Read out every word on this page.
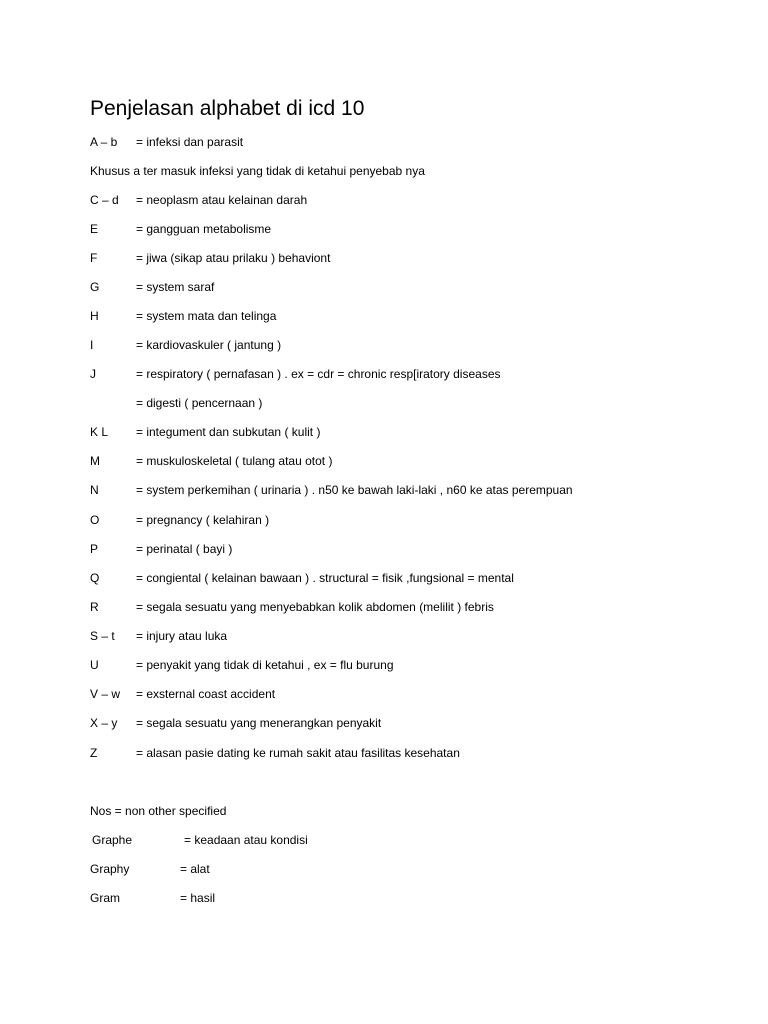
Penjelasan alphabet di icd 10
A – b = infeksi dan parasit
Khusus a ter masuk infeksi yang tidak di ketahui penyebab nya
C – d = neoplasm atau kelainan darah
E	= gangguan metabolisme
F	= jiwa (sikap atau prilaku ) behaviont
G	= system saraf
H	= system mata dan telinga
I	= kardiovaskuler ( jantung )
J	= respiratory ( pernafasan ) . ex = cdr = chronic resp[iratory diseases
= digesti ( pencernaan )
K L = integument dan subkutan ( kulit )
M	= muskuloskeletal ( tulang atau otot )
N	= system perkemihan ( urinaria ) . n50 ke bawah laki-laki , n60 ke atas perempuan
O	= pregnancy ( kelahiran )
P	= perinatal ( bayi )
Q	= congiental ( kelainan bawaan ) . structural = fisik ,fungsional = mental
R	= segala sesuatu yang menyebabkan kolik abdomen (melilit ) febris
S – t = injury atau luka
U	= penyakit yang tidak di ketahui , ex = flu burung
V – w = exsternal coast accident
X – y = segala sesuatu yang menerangkan penyakit
Z	= alasan pasie dating ke rumah sakit atau fasilitas kesehatan
Nos = non other specified
Graphe	= keadaan atau kondisi
Graphy	= alat
Gram	= hasil
